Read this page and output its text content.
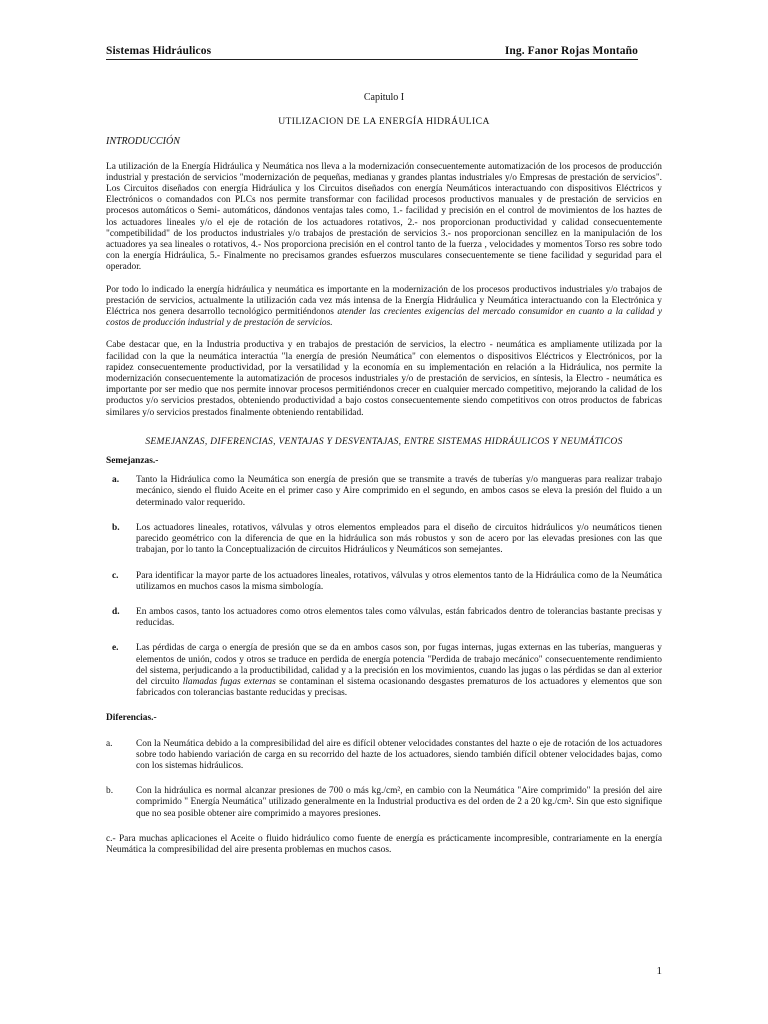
Sistemas Hidráulicos	Ing. Fanor Rojas Montaño
Capitulo I
UTILIZACION DE LA ENERGÍA HIDRÁULICA
INTRODUCCIÓN

La utilización de la Energía Hidráulica y Neumática nos lleva a la modernización consecuentemente automatización de los procesos de producción industrial y prestación de servicios "modernización de pequeñas, medianas y grandes plantas industriales y/o Empresas de prestación de servicios". Los Circuitos diseñados con energía Hidráulica y los Circuitos diseñados con energía Neumáticos interactuando con dispositivos Eléctricos y Electrónicos o comandados con PLCs nos permite transformar con facilidad procesos productivos manuales y de prestación de servicios en procesos automáticos o Semi- automáticos, dándonos ventajas tales como, 1.- facilidad y precisión en el control de movimientos de los haztes de los actuadores lineales y/o el eje de rotación de los actuadores rotativos, 2.- nos proporcionan productividad y calidad consecuentemente "competibilidad" de los productos industriales y/o trabajos de prestación de servicios 3.- nos proporcionan sencillez en la manipulación de los actuadores ya sea lineales o rotativos, 4.- Nos proporciona precisión en el control tanto de la fuerza , velocidades y momentos Torso res sobre todo con la energía Hidráulica, 5.- Finalmente no precisamos grandes esfuerzos musculares consecuentemente se tiene facilidad y seguridad para el operador.

Por todo lo indicado la energía hidráulica y neumática es importante en la modernización de los procesos productivos industriales y/o trabajos de prestación de servicios, actualmente la utilización cada vez más intensa de la Energía Hidráulica y Neumática interactuando con la Electrónica y Eléctrica nos genera desarrollo tecnológico permitiéndonos atender las crecientes exigencias del mercado consumidor en cuanto a la calidad y costos de producción industrial y de prestación de servicios.

Cabe destacar que, en la Industria productiva y en trabajos de prestación de servicios, la electro - neumática es ampliamente utilizada por la facilidad con la que la neumática interactúa "la energía de presión Neumática" con elementos o dispositivos Eléctricos y Electrónicos, por la rapidez consecuentemente productividad, por la versatilidad y la economía en su implementación en relación a la Hidráulica, nos permite la modernización consecuentemente la automatización de procesos industriales y/o de prestación de servicios, en síntesis, la Electro - neumática es importante por ser medio que nos permite innovar procesos permitiéndonos crecer en cualquier mercado competitivo, mejorando la calidad de los productos y/o servicios prestados, obteniendo productividad a bajo costos consecuentemente siendo competitivos con otros productos de fabricas similares y/o servicios prestados finalmente obteniendo rentabilidad.

SEMEJANZAS, DIFERENCIAS, VENTAJAS Y DESVENTAJAS, ENTRE SISTEMAS HIDRÁULICOS Y NEUMÁTICOS
Semejanzas.-
a.	Tanto la Hidráulica como la Neumática son energía de presión que se transmite a través de tuberías y/o mangueras para realizar trabajo mecánico, siendo el fluido Aceite en el primer caso y Aire comprimido en el segundo, en ambos casos se eleva la presión del fluido a un determinado valor requerido.
b.	Los actuadores lineales, rotativos, válvulas y otros elementos empleados para el diseño de circuitos hidráulicos y/o neumáticos tienen parecido geométrico con la diferencia de que en la hidráulica son más robustos y son de acero por las elevadas presiones con las que trabajan, por lo tanto la Conceptualización de circuitos Hidráulicos y Neumáticos son semejantes.
c.	Para identificar la mayor parte de los actuadores lineales, rotativos, válvulas y otros elementos tanto de la Hidráulica como de la Neumática utilizamos en muchos casos la misma simbología.
d.	En ambos casos, tanto los actuadores como otros elementos tales como válvulas, están fabricados dentro de tolerancias bastante precisas y reducidas.
e.	Las pérdidas de carga o energía de presión que se da en ambos casos son, por fugas internas, jugas externas en las tuberías, mangueras y elementos de unión, codos y otros se traduce en perdida de energía potencia "Perdida de trabajo mecánico" consecuentemente rendimiento del sistema, perjudicando a la productibilidad, calidad y a la precisión en los movimientos, cuando las jugas o las pérdidas se dan al exterior del circuito llamadas fugas externas se contaminan el sistema ocasionando desgastes prematuros de los actuadores y elementos que son fabricados con tolerancias bastante reducidas y precisas.
Diferencias.-
a.	Con la Neumática debido a la compresibilidad del aire es difícil obtener velocidades constantes del hazte o eje de rotación de los actuadores sobre todo habiendo variación de carga en su recorrido del hazte de los actuadores, siendo también difícil obtener velocidades bajas, como con los sistemas hidráulicos.
b.	Con la hidráulica es normal alcanzar presiones de 700 o más kg./cm², en cambio con la Neumática "Aire comprimido" la presión del aire comprimido " Energía Neumática" utilizado generalmente en la Industrial productiva es del orden de 2 a 20 kg./cm². Sin que esto signifique que no sea posible obtener aire comprimido a mayores presiones.

c.- Para muchas aplicaciones el Aceite o fluido hidráulico como fuente de energía es prácticamente incompresible, contrariamente en la energía Neumática la compresibilidad del aire presenta problemas en muchos casos.

1
